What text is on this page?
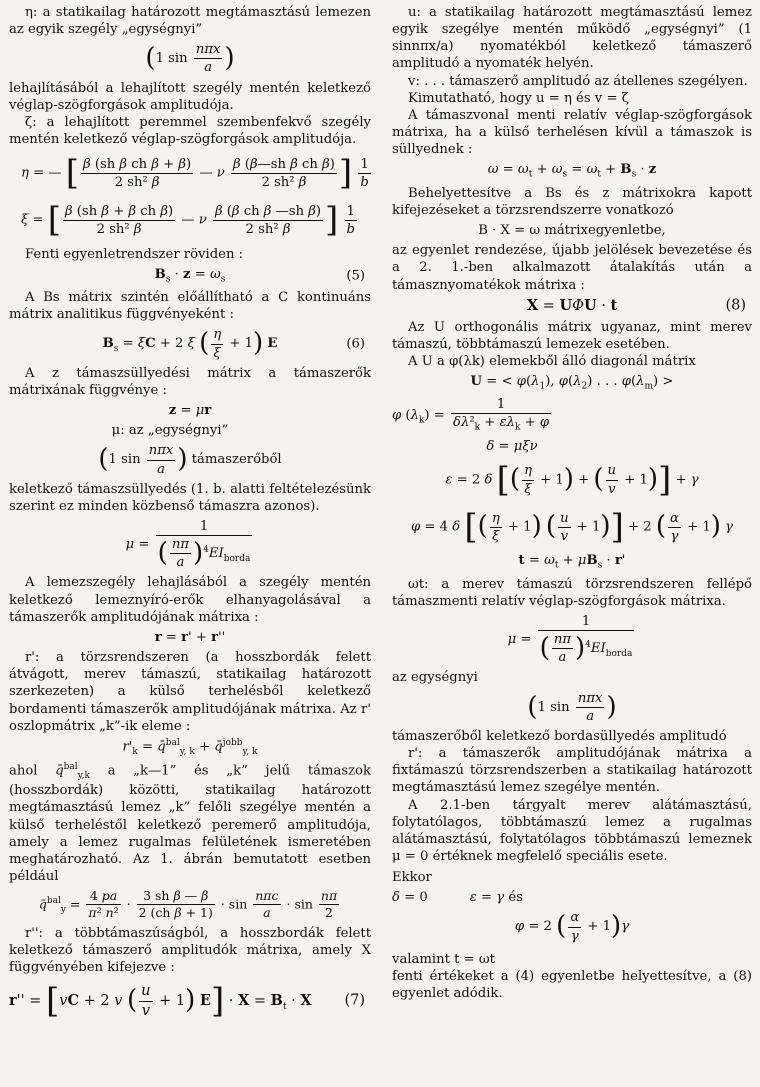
η: a statikailag határozott megtámasztású lemezen az egyik szegély „egységnyi”

(1 $\sin \frac{\text{nπx}}{a}$ )

lehajlításából a lehajlított szegély mentén keletkező véglap-szögforgások amplitudója.

ζ: a lehajlított peremmel szembenfekvő szegély mentén keletkező véglap-szögforgások amplitudója.

η = — [ $\frac{\text{β (sh β ch β + β)}}{\text{2 sh² β}}$ — ν $\frac{\text{β (β—sh β ch β)}}{\text{2 sh² β}}$ ] $\frac{1}{b}$
ξ = [ $\frac{\text{β (sh β + β ch β)}}{\text{2 sh² β}}$ — ν $\frac{\text{β (β ch β —sh β)}}{\text{2 sh² β}}$ ] $\frac{1}{b}$

Fenti egyenletrendszer röviden :

$B_s \cdot z = \omega_s$	(5)

A Bs mátrix szintén előállítható a C kontinuáns mátrix analitikus függvényeként :

$B_s = \xi C + 2$ ξ ( $\frac{\eta}{\xi} + 1$) E	(6)

A z támaszsüllyedési mátrix a támaszerők mátrixának függvénye :

z = μr
μ: az „egységnyi”
(1 $\sin \frac{\text{nπx}}{a}$ ) támaszerőből

keletkező támaszsüllyedés (1. b. alatti feltételezésünk szerint ez minden közbenső támaszra azonos).

$\mu = \frac{1}{( \frac{n\pi}{a} )^4EI_{borda}}$

A lemezszegély lehajlásából a szegély mentén keletkező lemeznyíró-erők elhanyagolásával a támaszerők amplitudójának mátrixa :

r = r' + r''

r': a törzsrendszeren (a hosszbordák felett átvágott, merev támaszú, statikailag határozott szerkezeten) a külső terhelésből keletkező bordamenti támaszerők amplitudójának mátrixa. Az r' oszlopmátrix „k”-ik eleme :

$r'_k$ = q̄$^{bal}_{y, k}$ + q̄$^{jobb}_{y, k}$

ahol q̄$^{bal}_{y,k}$ a „k—1” és „k” jelű támaszok (hosszbordák) közötti, statikailag határozott megtámasztású lemez „k” felőli szegélye mentén a külső terheléstől keletkező peremerő amplitudója, amely a lemez rugalmas felületének ismeretében meghatározható. Az 1. ábrán bemutatott esetben például

q̄$^{bal}_y$ = $\frac{4 pa}{\text{π² n²}} \cdot \frac{\text{3 sh β — β}}{\text{2 (ch β + 1)}} \cdot \sin \frac{\text{nπc}}{a} \cdot \sin \frac{n\pi}{2}$

r'': a többtámaszúságból, a hosszbordák felett keletkező támaszerő amplitudók mátrixa, amely X függvényében kifejezve :

r'' = [vC + 2 v ( $\frac{u}{v} + 1$) $E] \cdot X = B_t \cdot X$ (7)

u: a statikailag határozott megtámasztású lemez egyik szegélye mentén működő „egységnyi” (1 sinnπx/a) nyomatékból keletkező támaszerő amplitudó a nyomaték helyén.

v: . . . támaszerő amplitudó az átellenes szegélyen.

Kimutatható, hogy u = η és v = ζ

A támaszvonal menti relatív véglap-szögforgások mátrixa, ha a külső terhelésen kívül a támaszok is süllyednek :

$\omega = \omega_t + \omega_s = \omega_t + B_s \cdot z$

Behelyettesítve a Bs és z mátrixokra kapott kifejezéseket a törzsrendszerre vonatkozó

B · X = ω mátrixegyenletbe,

az egyenlet rendezése, újabb jelölések bevezetése és a 2. 1.-ben alkalmazott átalakítás után a támasznyomatékok mátrixa :

X = UΦU · t	(8)

Az U orthogonális mátrix ugyanaz, mint merev támaszú, többtámaszú lemezek esetében.

A U a φ(λk) elemekből álló diagonál mátrix

U = < $\varphi(\lambda_1)$, $\varphi(\lambda_2)$ . . . $\varphi(\lambda_m)$ >
φ $(\lambda_k) = \frac{1}{\delta\lambda^2_k + \varepsilon\lambda_k + \varphi}$
δ = μξν
ε = 2 δ [( $\frac{\eta}{\xi} + 1$) + ( $\frac{u}{v} + 1)] + \gamma$
φ = 4 δ [( $\frac{\eta}{\xi} + 1$) ( $\frac{u}{v} + 1)] + 2$ ( $\frac{\alpha}{\gamma} + 1$) γ
$t = \omega_t + \mu B_s \cdot r'$

ωt: a merev támaszú törzsrendszeren fellépő támaszmenti relatív véglap-szögforgások mátrixa.

$\mu = \frac{1}{( \frac{n\pi}{a} )^4EI_{borda}}$

az egységnyi

(1 $\sin \frac{\text{nπx}}{a}$ )

támaszerőből keletkező bordasüllyedés amplitudó

r': a támaszerők amplitudójának mátrixa a fixtámaszú törzsrendszerben a statikailag határozott megtámasztású lemez szegélye mentén.

A 2.1-ben tárgyalt merev alátámasztású, folytatólagos, többtámaszú lemez a rugalmas alátámasztású, folytatólagos többtámaszú lemeznek μ = 0 értéknek megfelelő speciális esete.

Ekkor

δ = 0          ε = γ és
φ = 2 ( $\frac{\alpha}{\gamma} + 1)\gamma$

valamint t = ωt

fenti értékeket a (4) egyenletbe helyettesítve, a (8) egyenlet adódik.
